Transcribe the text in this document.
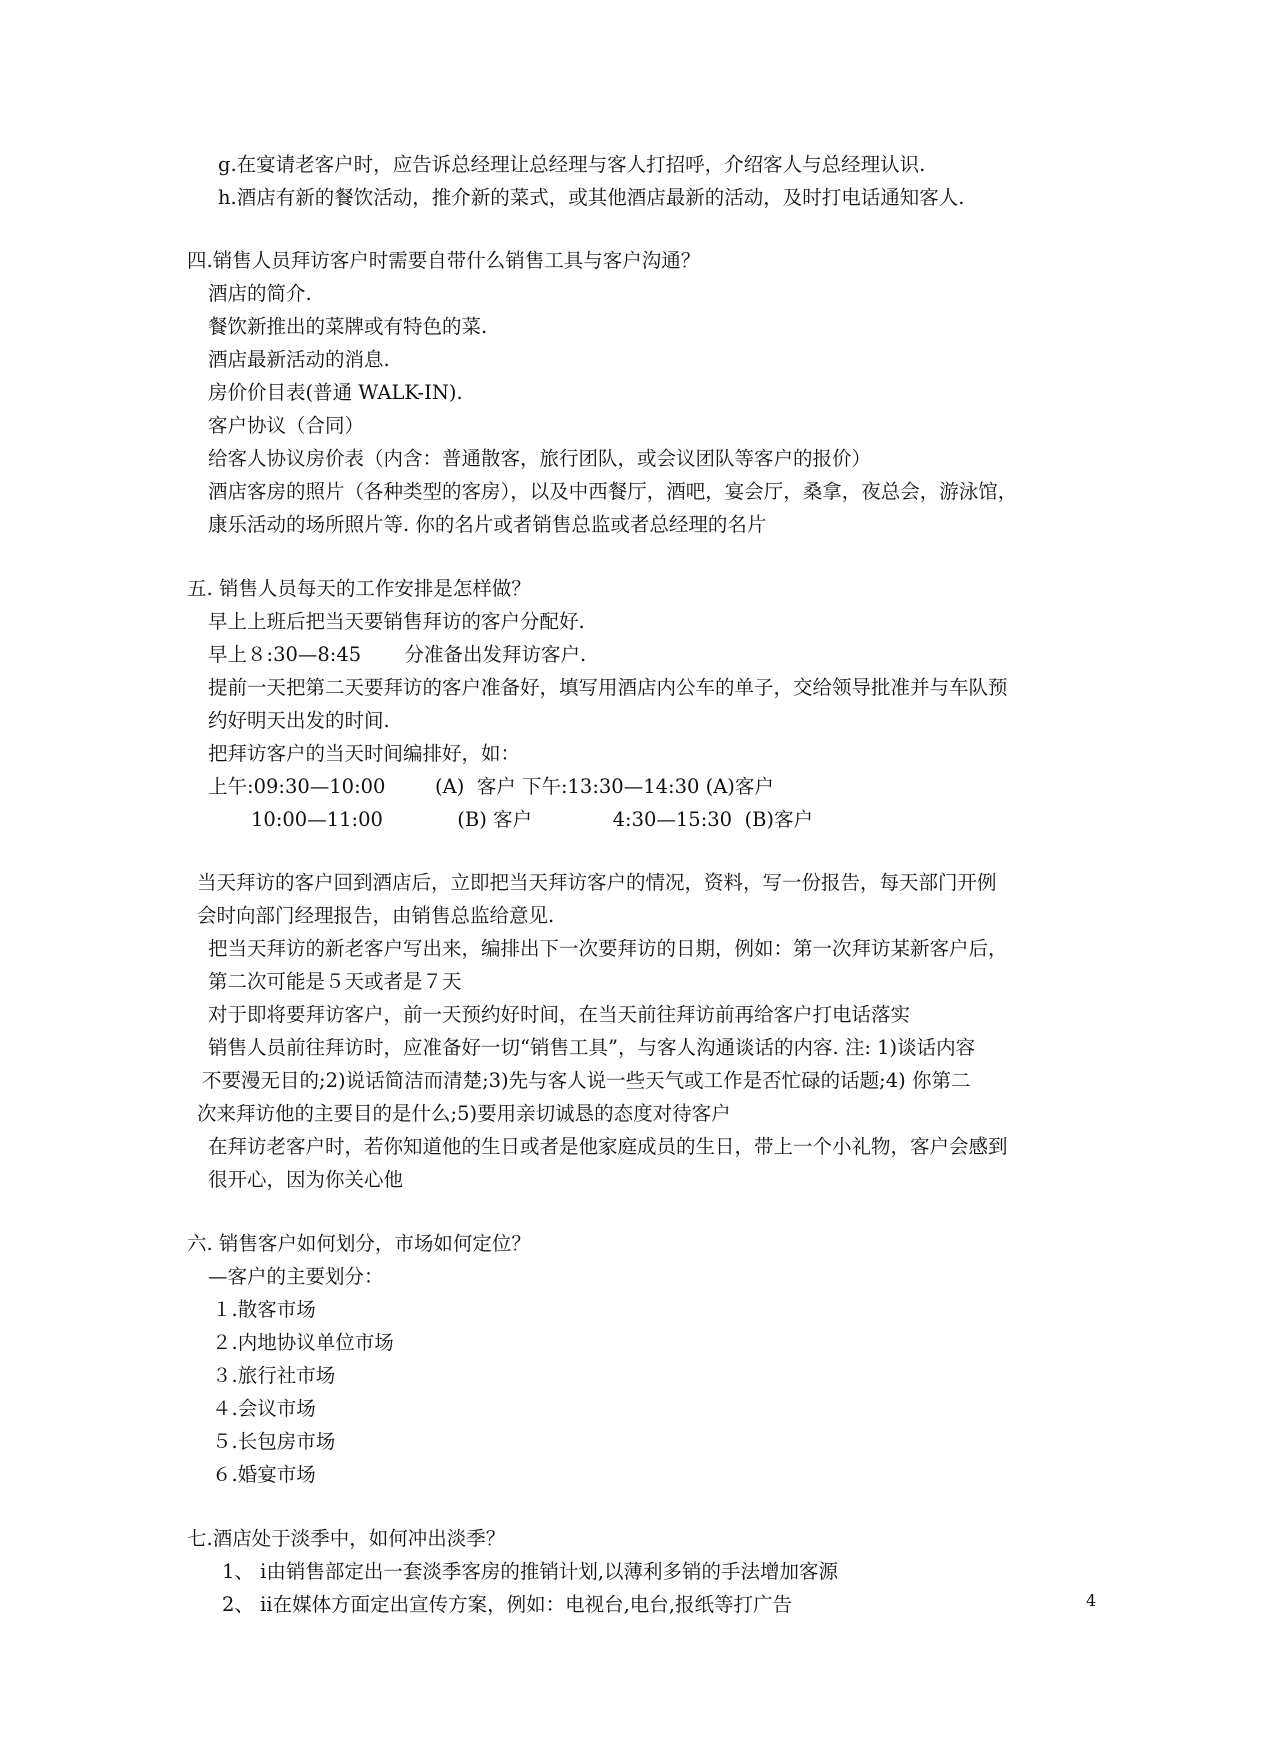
g.在宴请老客户时，应告诉总经理让总经理与客人打招呼，介绍客人与总经理认识.
h.酒店有新的餐饮活动，推介新的菜式，或其他酒店最新的活动，及时打电话通知客人.
四.销售人员拜访客户时需要自带什么销售工具与客户沟通？
酒店的简介.
餐饮新推出的菜牌或有特色的菜.
酒店最新活动的消息.
房价价目表(普通 WALK-IN).
客户协议（合同）
给客人协议房价表（内含：普通散客，旅行团队，或会议团队等客户的报价）
酒店客房的照片（各种类型的客房），以及中西餐厅，酒吧，宴会厅，桑拿，夜总会，游泳馆，
康乐活动的场所照片等. 你的名片或者销售总监或者总经理的名片
五. 销售人员每天的工作安排是怎样做？
早上上班后把当天要销售拜访的客户分配好.
早上８:30—8:45       分准备出发拜访客户.
提前一天把第二天要拜访的客户准备好，填写用酒店内公车的单子，交给领导批准并与车队预
约好明天出发的时间.
把拜访客户的当天时间编排好，如：
上午:09:30—10:00        (A)  客户 下午:13:30—14:30 (A)客户
10:00—11:00            (B) 客户             4:30—15:30  (B)客户
当天拜访的客户回到酒店后，立即把当天拜访客户的情况，资料，写一份报告，每天部门开例
会时向部门经理报告，由销售总监给意见.
把当天拜访的新老客户写出来，编排出下一次要拜访的日期，例如：第一次拜访某新客户后，
第二次可能是５天或者是７天
对于即将要拜访客户，前一天预约好时间，在当天前往拜访前再给客户打电话落实
销售人员前往拜访时，应准备好一切“销售工具”，与客人沟通谈话的内容. 注: 1)谈话内容
不要漫无目的;2)说话简洁而清楚;3)先与客人说一些天气或工作是否忙碌的话题;4) 你第二
次来拜访他的主要目的是什么;5)要用亲切诚恳的态度对待客户
在拜访老客户时，若你知道他的生日或者是他家庭成员的生日，带上一个小礼物，客户会感到
很开心，因为你关心他
六. 销售客户如何划分，市场如何定位？
—客户的主要划分：
１.散客市场
２.内地协议单位市场
３.旅行社市场
４.会议市场
５.长包房市场
６.婚宴市场
七.酒店处于淡季中，如何冲出淡季？
1、 ⅰ由销售部定出一套淡季客房的推销计划,以薄利多销的手法增加客源
2、 ⅱ在媒体方面定出宣传方案，例如：电视台,电台,报纸等打广告	4
